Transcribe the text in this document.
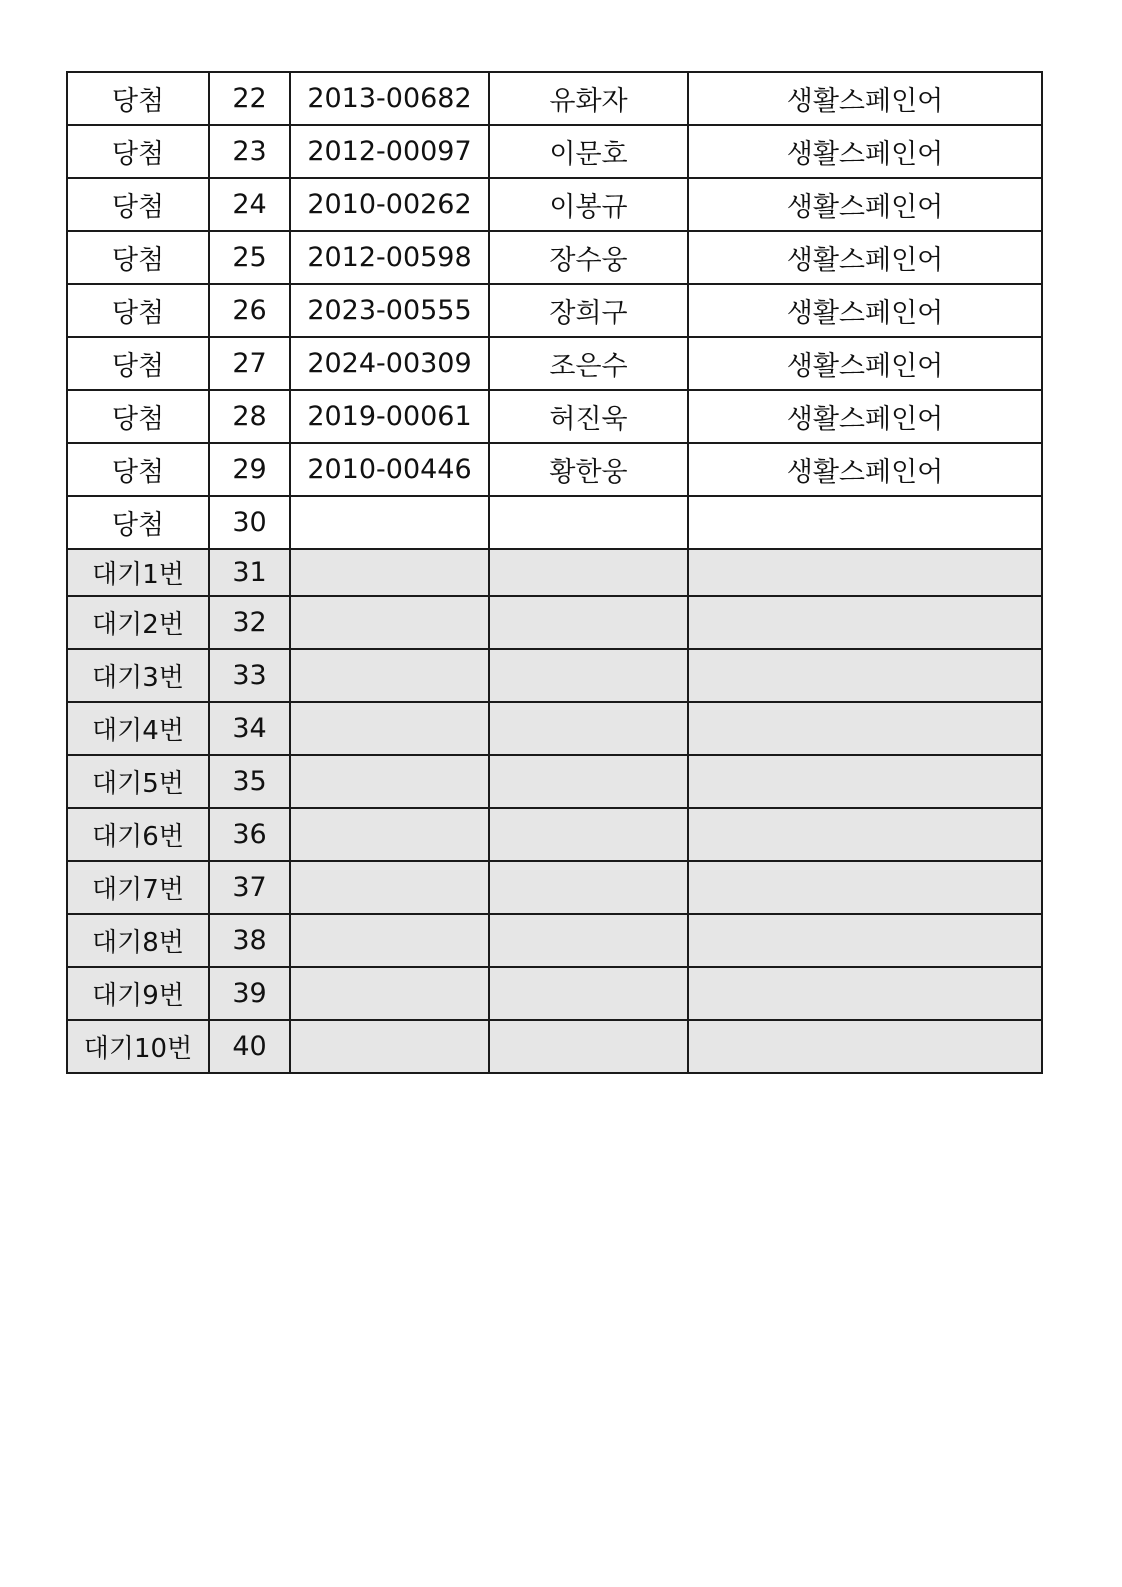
당첨	22	2013-00682	유화자	생활스페인어
당첨	23	2012-00097	이문호	생활스페인어
당첨	24	2010-00262	이봉규	생활스페인어
당첨	25	2012-00598	장수웅	생활스페인어
당첨	26	2023-00555	장희구	생활스페인어
당첨	27	2024-00309	조은수	생활스페인어
당첨	28	2019-00061	허진욱	생활스페인어
당첨	29	2010-00446	황한웅	생활스페인어
당첨	30			
대기1번	31			
대기2번	32			
대기3번	33			
대기4번	34			
대기5번	35			
대기6번	36			
대기7번	37			
대기8번	38			
대기9번	39			
대기10번	40			
